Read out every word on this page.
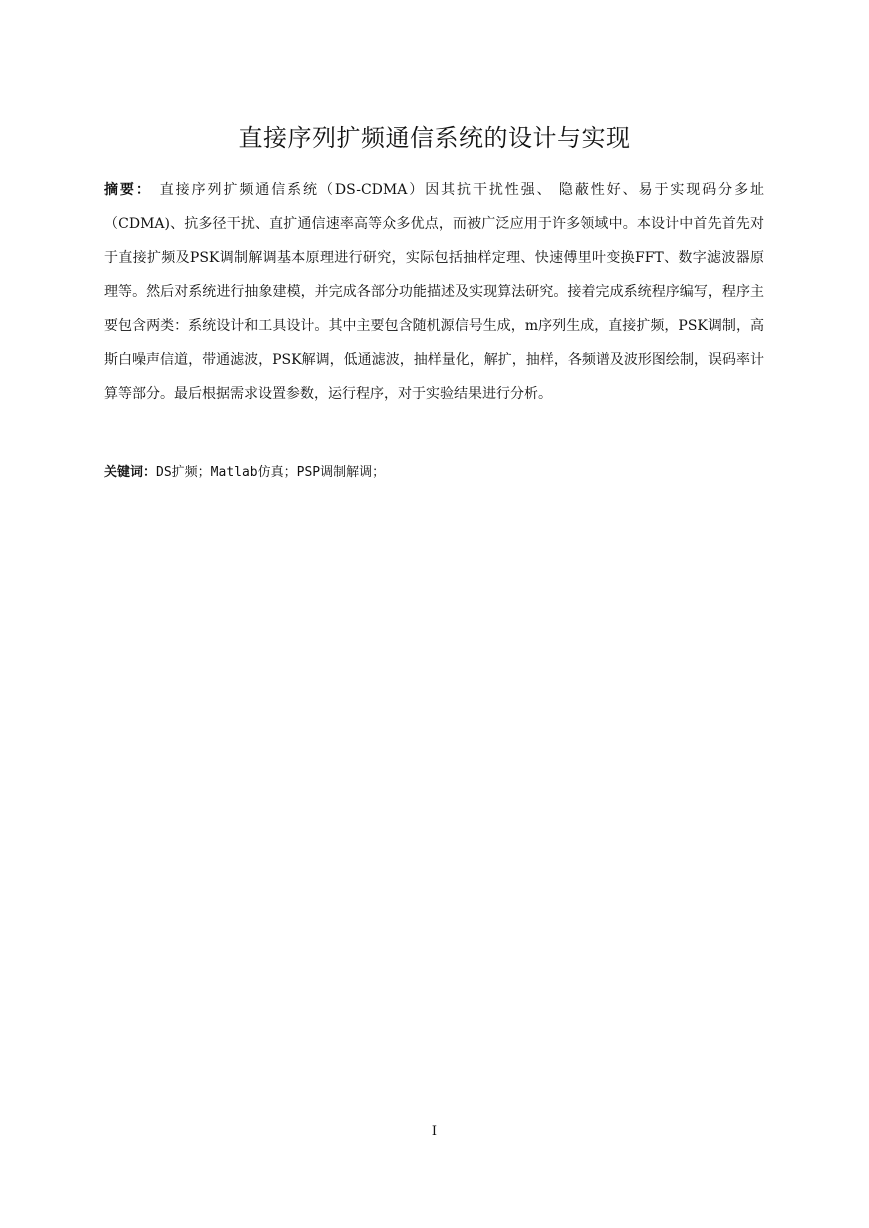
直接序列扩频通信系统的设计与实现
摘要： 直接序列扩频通信系统（DS-CDMA）因其抗干扰性强、 隐蔽性好、易于实现码分多址（CDMA)、抗多径干扰、直扩通信速率高等众多优点，而被广泛应用于许多领域中。本设计中首先首先对于直接扩频及PSK调制解调基本原理进行研究，实际包括抽样定理、快速傅里叶变换FFT、数字滤波器原理等。然后对系统进行抽象建模，并完成各部分功能描述及实现算法研究。接着完成系统程序编写，程序主要包含两类：系统设计和工具设计。其中主要包含随机源信号生成，m序列生成，直接扩频，PSK调制，高斯白噪声信道，带通滤波，PSK解调，低通滤波，抽样量化，解扩，抽样，各频谱及波形图绘制，误码率计算等部分。最后根据需求设置参数，运行程序，对于实验结果进行分析。
关键词：DS扩频；Matlab仿真；PSP调制解调；
I
